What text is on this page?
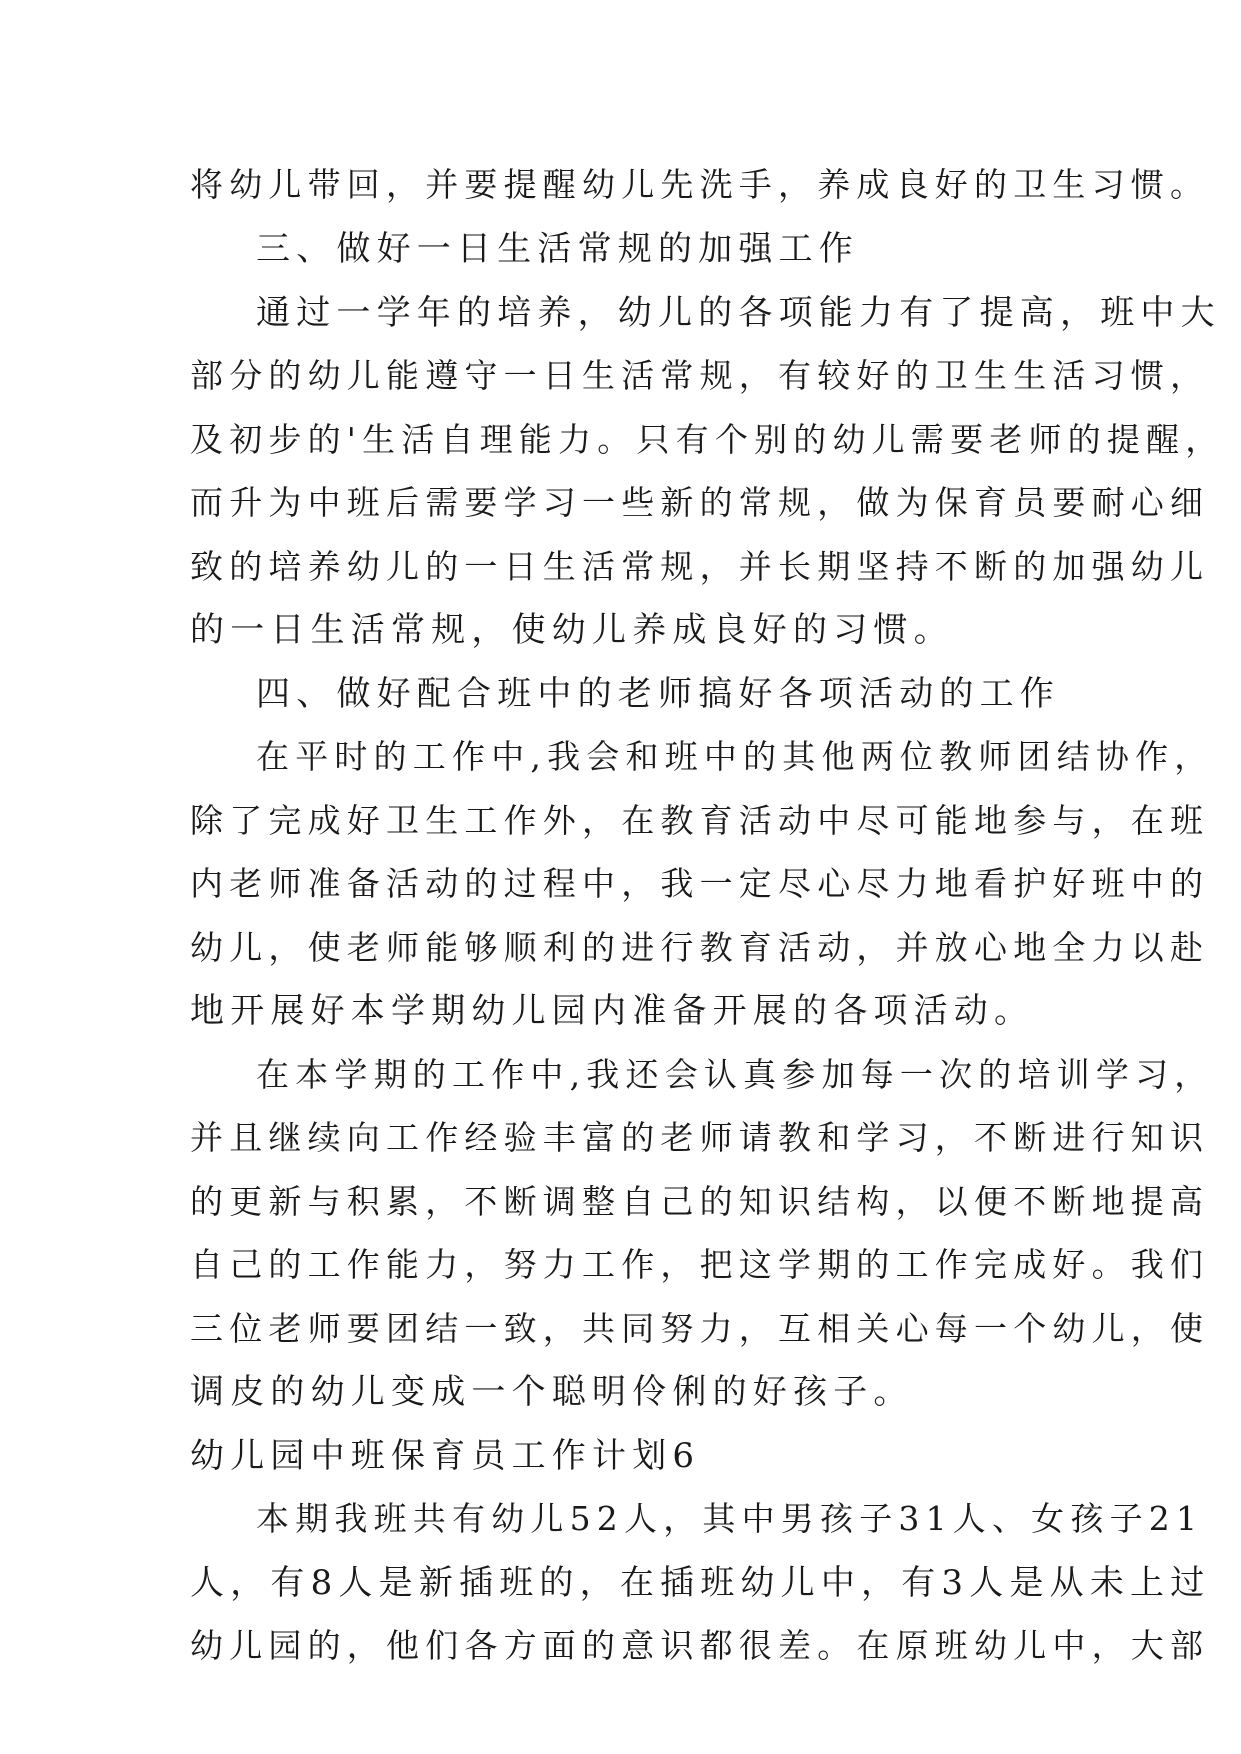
将幼儿带回，并要提醒幼儿先洗手，养成良好的卫生习惯。
三、做好一日生活常规的加强工作
通过一学年的培养，幼儿的各项能力有了提高，班中大
部分的幼儿能遵守一日生活常规，有较好的卫生生活习惯，
及初步的'生活自理能力。只有个别的幼儿需要老师的提醒，
而升为中班后需要学习一些新的常规，做为保育员要耐心细
致的培养幼儿的一日生活常规，并长期坚持不断的加强幼儿
的一日生活常规，使幼儿养成良好的习惯。
四、做好配合班中的老师搞好各项活动的工作
在平时的工作中,我会和班中的其他两位教师团结协作，
除了完成好卫生工作外，在教育活动中尽可能地参与，在班
内老师准备活动的过程中，我一定尽心尽力地看护好班中的
幼儿，使老师能够顺利的进行教育活动，并放心地全力以赴
地开展好本学期幼儿园内准备开展的各项活动。
在本学期的工作中,我还会认真参加每一次的培训学习，
并且继续向工作经验丰富的老师请教和学习，不断进行知识
的更新与积累，不断调整自己的知识结构，以便不断地提高
自己的工作能力，努力工作，把这学期的工作完成好。我们
三位老师要团结一致，共同努力，互相关心每一个幼儿，使
调皮的幼儿变成一个聪明伶俐的好孩子。
幼儿园中班保育员工作计划6
本期我班共有幼儿52人，其中男孩子31人、女孩子21
人，有8人是新插班的，在插班幼儿中，有3人是从未上过
幼儿园的，他们各方面的意识都很差。在原班幼儿中，大部
